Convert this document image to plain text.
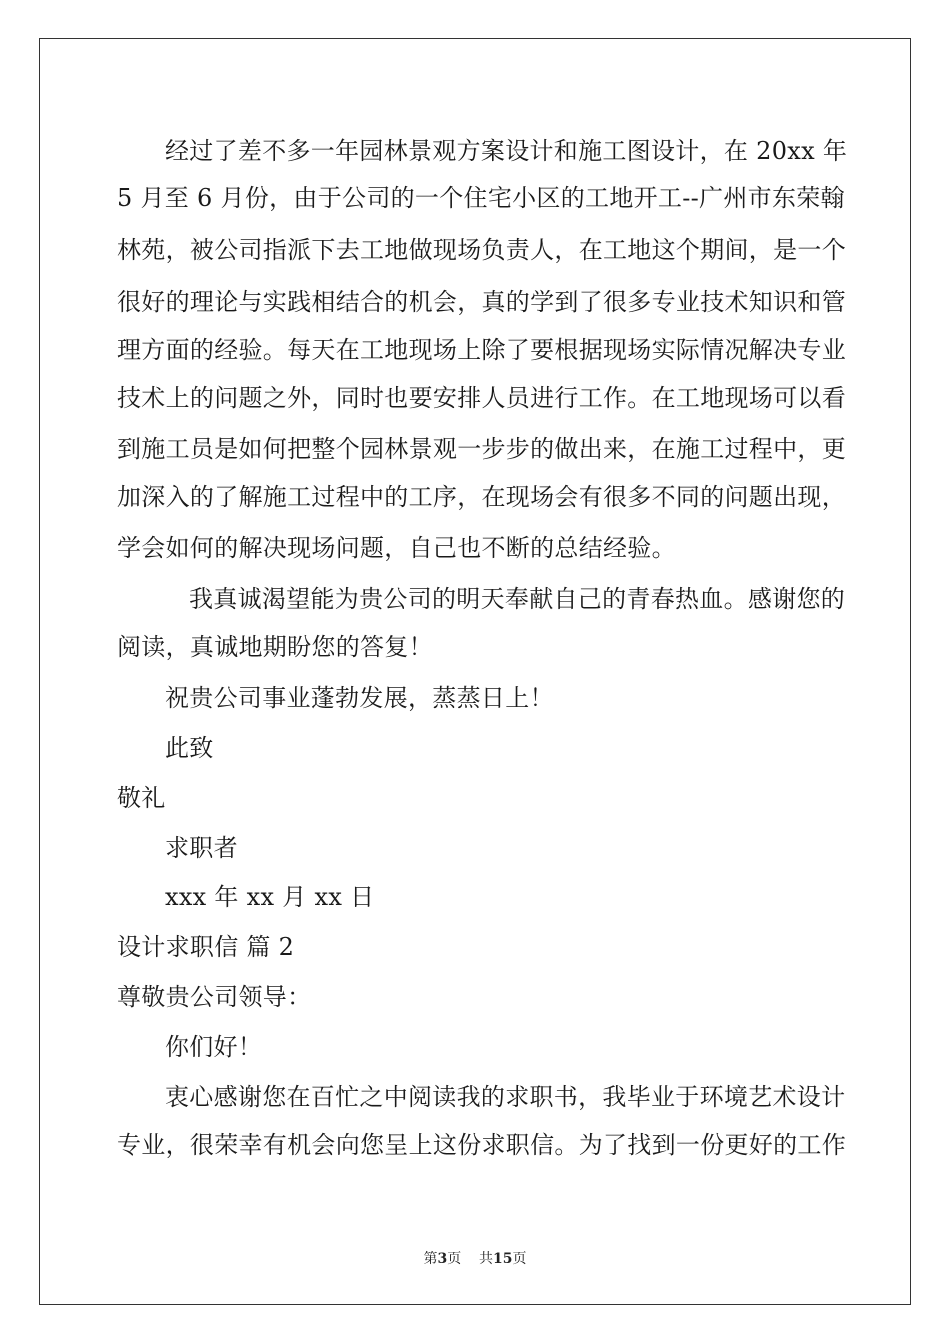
经过了差不多一年园林景观方案设计和施工图设计，在 20xx 年
5 月至 6 月份，由于公司的一个住宅小区的工地开工--广州市东荣翰
林苑，被公司指派下去工地做现场负责人，在工地这个期间，是一个
很好的理论与实践相结合的机会，真的学到了很多专业技术知识和管
理方面的经验。每天在工地现场上除了要根据现场实际情况解决专业
技术上的问题之外，同时也要安排人员进行工作。在工地现场可以看
到施工员是如何把整个园林景观一步步的做出来，在施工过程中，更
加深入的了解施工过程中的工序，在现场会有很多不同的问题出现，
学会如何的解决现场问题，自己也不断的总结经验。
我真诚渴望能为贵公司的明天奉献自己的青春热血。感谢您的
阅读，真诚地期盼您的答复！
祝贵公司事业蓬勃发展，蒸蒸日上！
此致
敬礼
求职者
xxx 年 xx 月 xx 日
设计求职信 篇 2
尊敬贵公司领导：
你们好！
衷心感谢您在百忙之中阅读我的求职书，我毕业于环境艺术设计
专业，很荣幸有机会向您呈上这份求职信。为了找到一份更好的工作
第3页 共15页
